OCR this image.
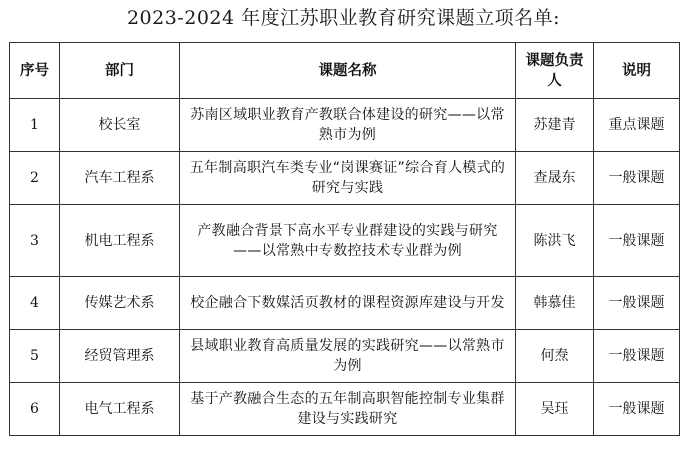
2023-2024 年度江苏职业教育研究课题立项名单:
序号	部门	课题名称	课题负责人	说明
1	校长室	苏南区域职业教育产教联合体建设的研究——以常熟市为例	苏建青	重点课题
2	汽车工程系	五年制高职汽车类专业“岗课赛证”综合育人模式的研究与实践	查晟东	一般课题
3	机电工程系	产教融合背景下高水平专业群建设的实践与研究——以常熟中专数控技术专业群为例	陈洪飞	一般课题
4	传媒艺术系	校企融合下数媒活页教材的课程资源库建设与开发	韩慕佳	一般课题
5	经贸管理系	县域职业教育高质量发展的实践研究——以常熟市为例	何焘	一般课题
6	电气工程系	基于产教融合生态的五年制高职智能控制专业集群建设与实践研究	吴珏	一般课题
